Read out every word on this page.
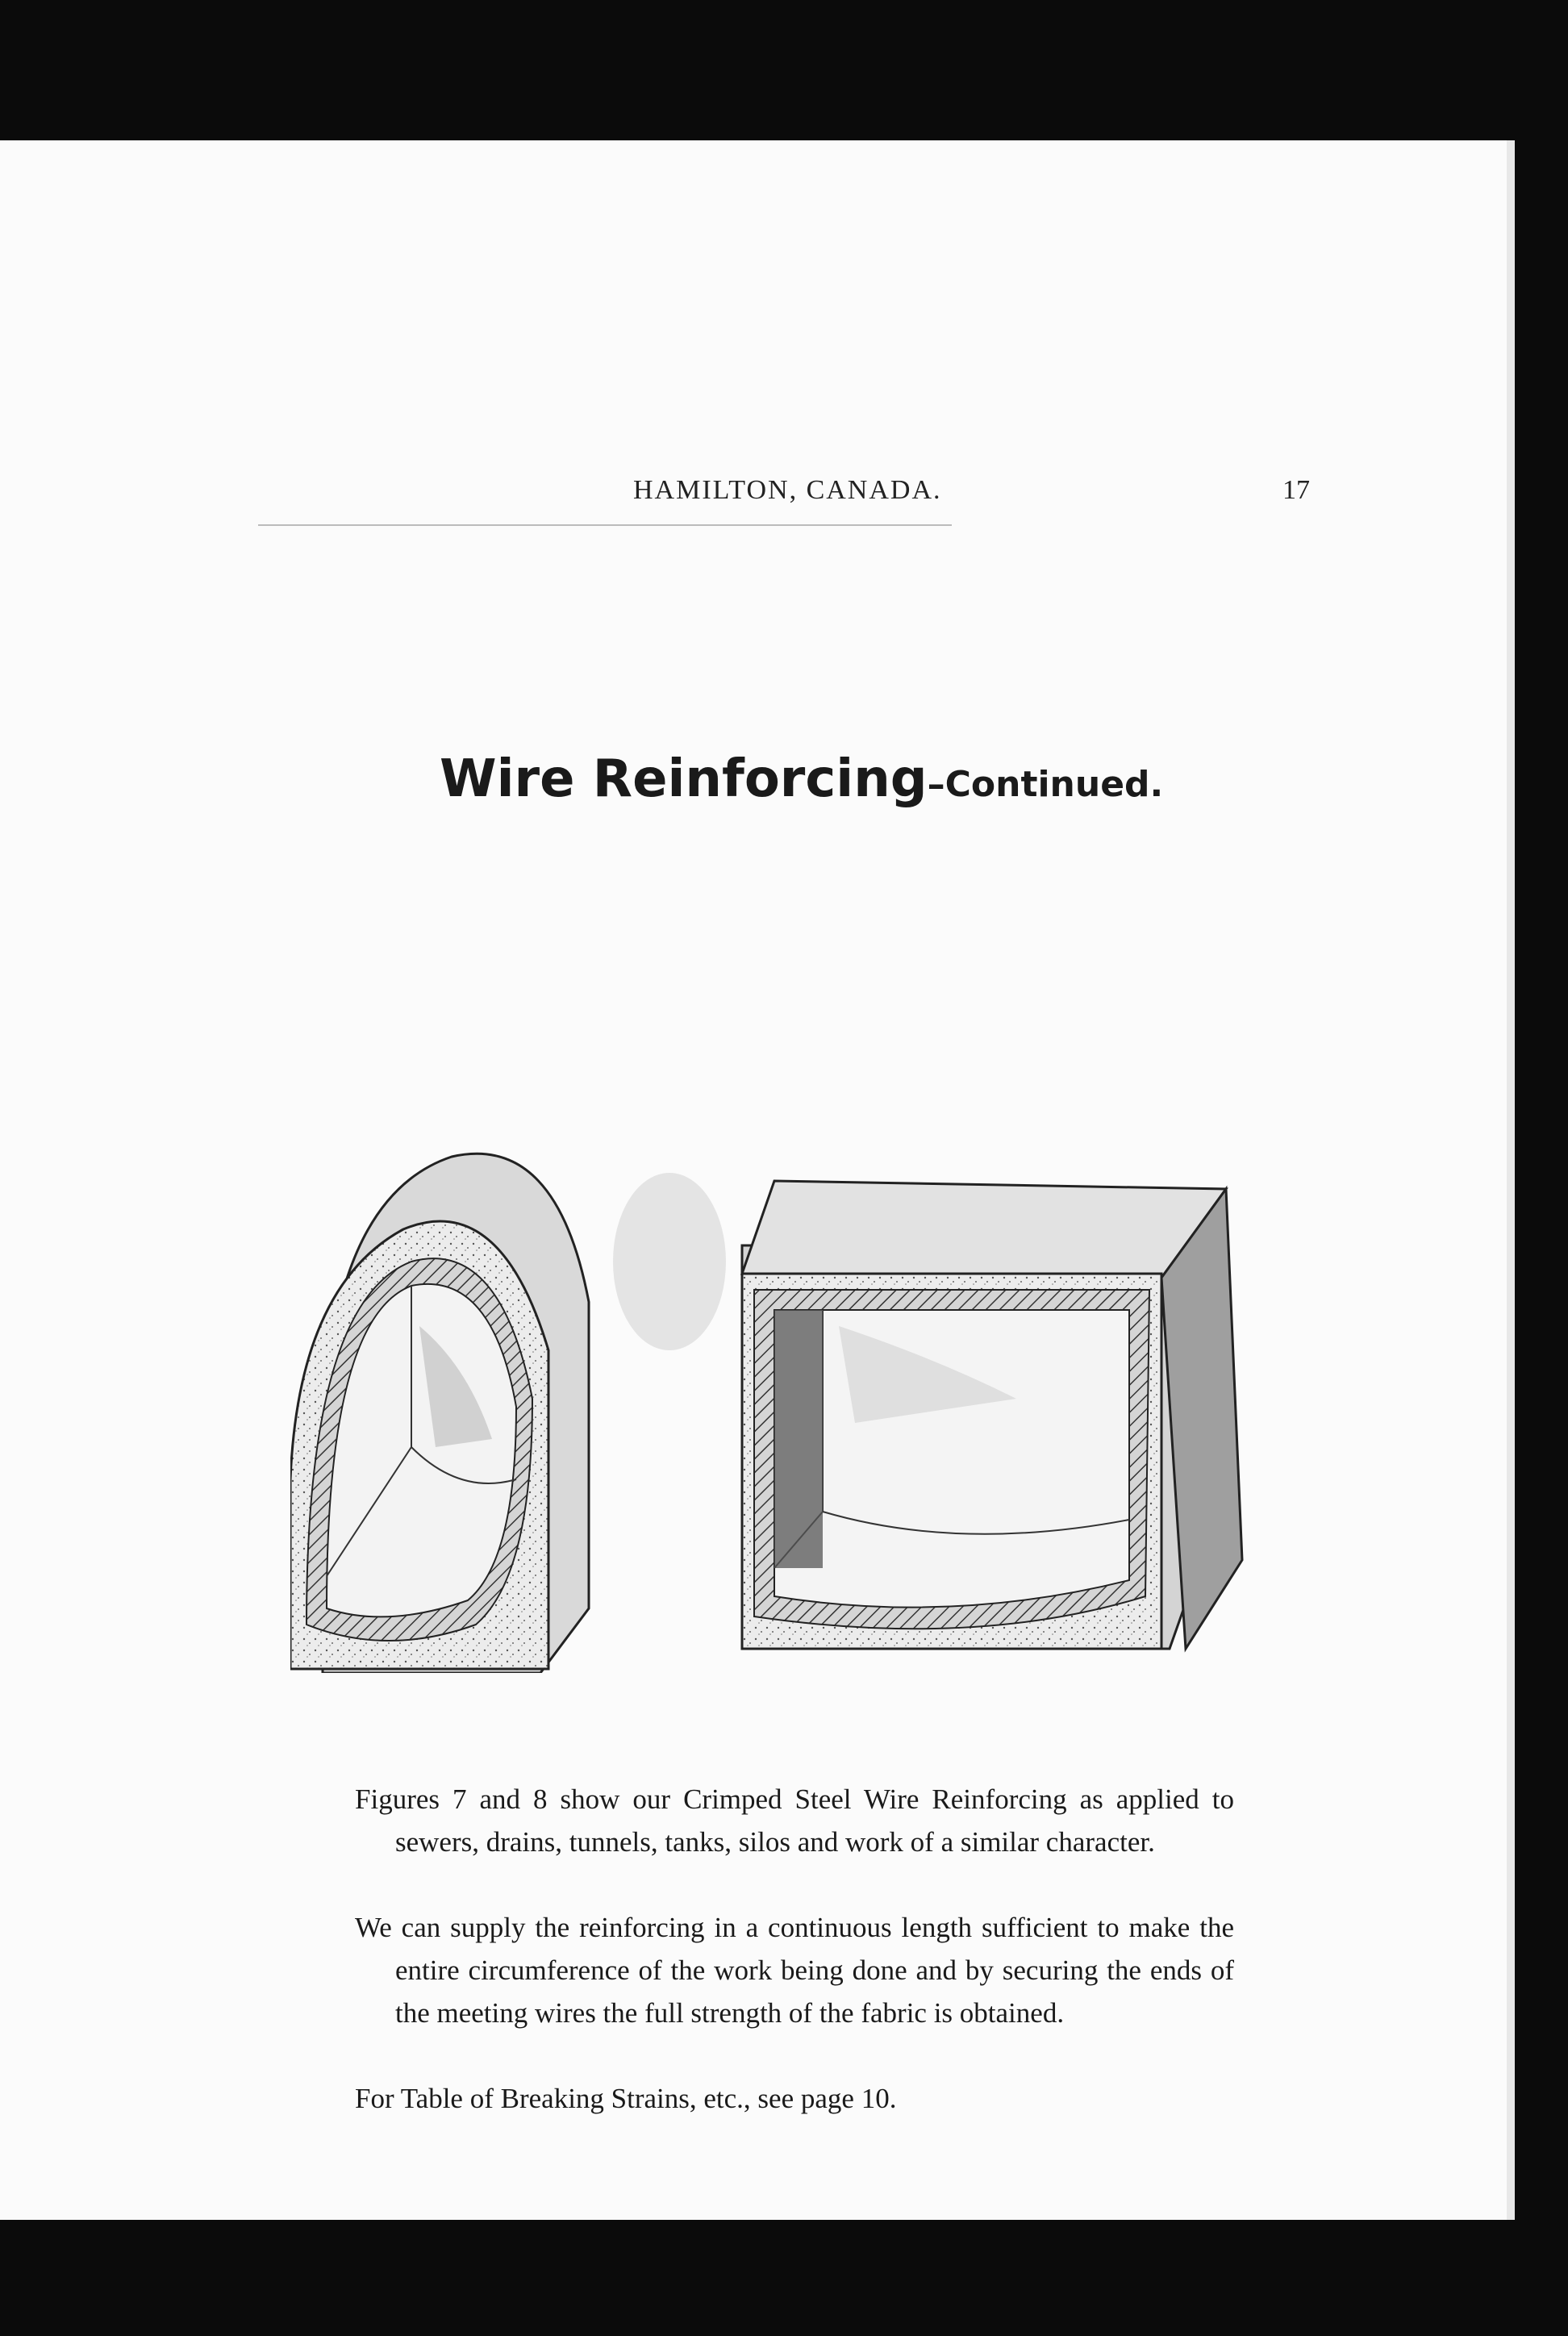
HAMILTON, CANADA.	17
Wire Reinforcing–Continued.

Figures 7 and 8 show our Crimped Steel Wire Reinforcing as applied to sewers, drains, tunnels, tanks, silos and work of a similar character.

We can supply the reinforcing in a continuous length sufficient to make the entire circumference of the work being done and by securing the ends of the meeting wires the full strength of the fabric is obtained.

For Table of Breaking Strains, etc., see page 10.
